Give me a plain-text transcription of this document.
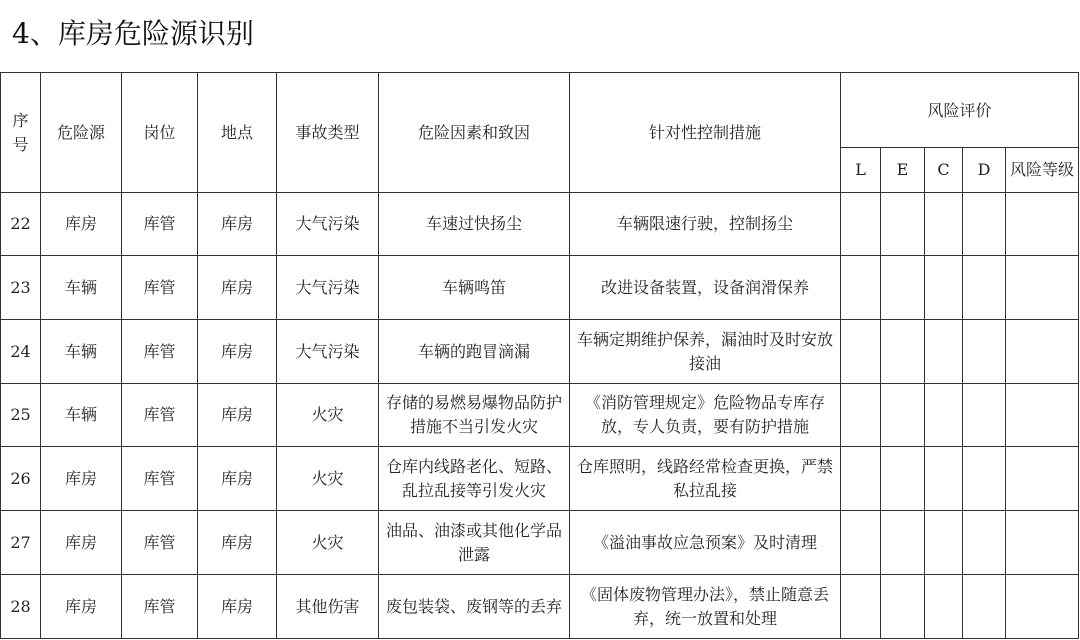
4、库房危险源识别
序号	危险源	岗位	地点	事故类型	危险因素和致因	针对性控制措施	风险评价				
							L	E	C	D	风险等级
22	库房	库管	库房	大气污染	车速过快扬尘	车辆限速行驶，控制扬尘					
23	车辆	库管	库房	大气污染	车辆鸣笛	改进设备装置，设备润滑保养					
24	车辆	库管	库房	大气污染	车辆的跑冒滴漏	车辆定期维护保养，漏油时及时安放接油					
25	车辆	库管	库房	火灾	存储的易燃易爆物品防护措施不当引发火灾	《消防管理规定》危险物品专库存放，专人负责，要有防护措施					
26	库房	库管	库房	火灾	仓库内线路老化、短路、乱拉乱接等引发火灾	仓库照明，线路经常检查更换，严禁私拉乱接					
27	库房	库管	库房	火灾	油品、油漆或其他化学品泄露	《溢油事故应急预案》及时清理					
28	库房	库管	库房	其他伤害	废包装袋、废钢等的丢弃	《固体废物管理办法》，禁止随意丢弃，统一放置和处理					
